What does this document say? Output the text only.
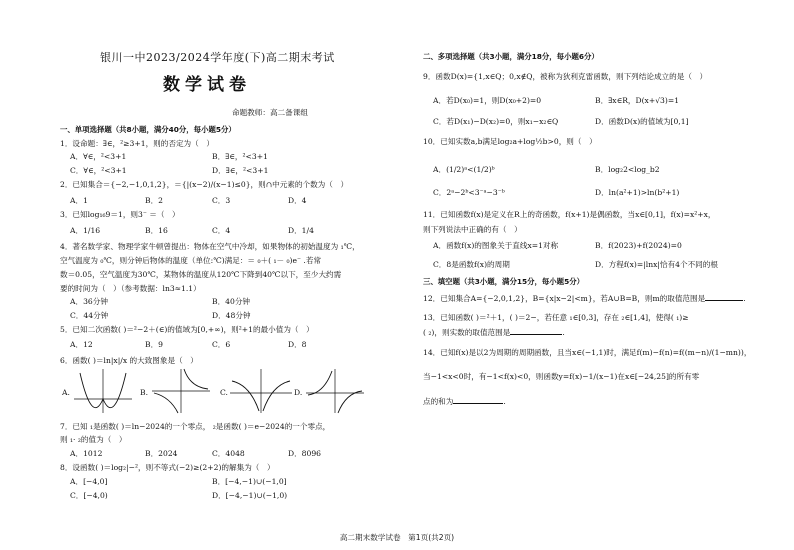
银川一中2023/2024学年度(下)高二期末考试
数学试卷
命题教师：高二备课组
一、单项选择题（共8小题，满分40分，每小题5分）
1．设命题：∃∈，²≥3+1，则的否定为（　）
A．∀∈，²<3+1	B．∃∈，²<3+1
C．∀∈，²<3+1	D．∃∈，²<3+1
2．已知集合＝{−2,−1,0,1,2}，＝{|(x−2)/(x−1)≤0}，则∩中元素的个数为（　）
A．1	B．2	C．3	D．4
3．已知log₁₆9＝1，则3⁻ ＝（　）
A．1/16	B．16	C．4	D．1/4
4．著名数学家、物理学家牛顿曾提出：物体在空气中冷却，如果物体的初始温度为 ₁℃，
空气温度为 ₀℃，则分钟后物体的温度（单位:℃)满足：＝ ₀＋( ₁－ ₀)e⁻ .若常
数＝0.05，空气温度为30℃，某物体的温度从120℃下降到40℃以下，至少大约需
要的时间为（　）（参考数据：ln3≈1.1）
A．36分钟	B．40分钟
C．44分钟	D．48分钟
5．已知二次函数( )＝²−2＋(∈)的值域为[0,+∞)，则²+1的最小值为（　）
A．12	B．9	C．6	D．8
6．函数( )＝ln|x|/x 的大致图象是（　）
A.	B.	C.	D.
7．已知 ₁是函数( )＝ln−2024的一个零点， ₂是函数( )＝e−2024的一个零点，
则 ₁· ₂的值为（　）
A．1012	B．2024	C．4048	D．8096
8．设函数( )＝log₂|−²，则不等式(−2)≥(2+2)的解集为（　）
A．[−4,0]	B．[−4,−1)∪(−1,0]
C．[−4,0)	D．[−4,−1)∪(−1,0)
二、多项选择题（共3小题，满分18分，每小题6分）
9．函数D(x)={1,x∈Q；0,x∉Q，被称为狄利克雷函数，则下列结论成立的是（　）
A．若D(x₀)=1，则D(x₀+2)=0	B．∃x∈R，D(x+√3)=1
C．若D(x₁)−D(x₂)=0，则x₁−x₂∈Q	D．函数D(x)的值域为[0,1]
10．已知实数a,b满足log₂a+log½b>0，则（　）
A．(1/2)ᵃ<(1/2)ᵇ	B．log₂2<log_b2
C．2ᵃ−2ᵇ<3⁻ᵃ−3⁻ᵇ	D．ln(a²+1)>ln(b²+1)
11．已知函数f(x)是定义在R上的奇函数，f(x+1)是偶函数，当x∈[0,1]，f(x)=x²+x，
则下列说法中正确的有（　）
A．函数f(x)的图象关于直线x=1对称	B．f(2023)+f(2024)=0
C．8是函数f(x)的周期	D．方程f(x)=|lnx|恰有4个不同的根
三、填空题（共3小题，满分15分，每小题5分）
12．已知集合A={−2,0,1,2}，B={x|x−2|<m}，若A∪B=B，则m的取值范围是	.
13．已知函数( )＝²＋1，( )＝2−，若任意 ₁∈[0,3]，存在 ₂∈[1,4]，使得( ₁)≥
( ₂)，则实数的取值范围是	.
14．已知f(x)是以2为周期的周期函数，且当x∈(−1,1)时，满足f(m)−f(n)=f((m−n)/(1−mn))，
当−1<x<0时，有−1<f(x)<0，则函数y=f(x)−1/(x−1)在x∈[−24,25]的所有零
点的和为	.
高二期末数学试卷　第1页(共2页)
